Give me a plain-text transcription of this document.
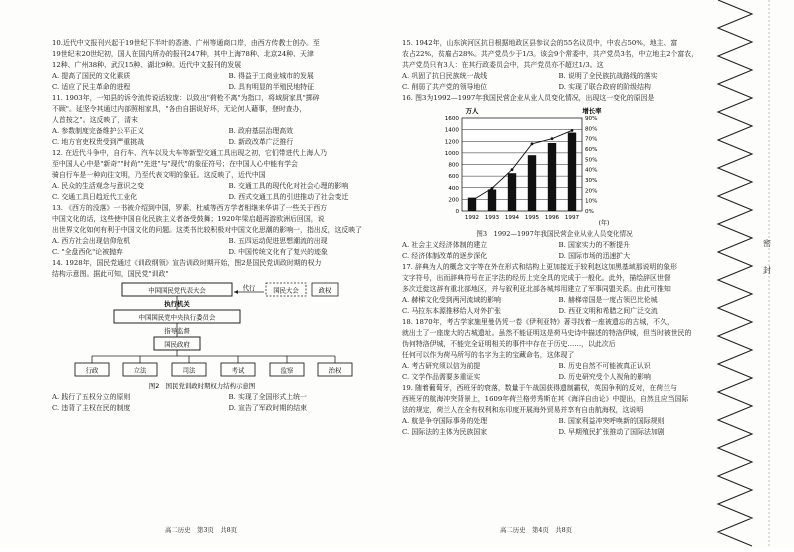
10.近代中文报刊兴起于19世纪下半叶的香港、广州等通商口岸，由西方传教士创办。至
19世纪末20世纪初，国人在国内所办的报刊247种，其中上海78种、北京24种、天津
12种、广州38种、武汉15种、湖北9种。近代中文报刊的发展
A. 提高了国民的文化素质	B. 得益于工商业城市的发展
C. 适应了民主革命的进程	D. 具有明显的半殖民地特征
11. 1903年，一知县的诉令流传说话较庞：以致出"荷枪不离"为指口，将域厨家具"掷碎
不顾"。延坚令其通过内部照相家具，"各由自据说好坏，无论何人藉事，登时查办，
人首按之"。这反映了，清末
A. 参数制度完备维护公平正义	B. 政府基层治理高效
C. 地方官吏权贵受到严重挑战	D. 新政改革广泛推行
12. 在近代斗争中，自行车、汽车以及大车等新型交通工具出现之初，它们带进代上海人乃
至中国人心中是"新奇""时尚""先进"与"现代"的象征符号；在中国人心中能有学会
骑自行车是一种向往文明，乃至代表文明的象征。这反映了，近代中国
A. 民众的生活观念与意识之变	B. 交通工具的现代化对社会心理的影响
C. 交通工具日趋近代工业化	D. 西式交通工具的引进推动了社会变迁
13. 《西方的没落》一书被介绍到中国，罗素、杜威等西方学者相继来华讲了一些关于西方
中国文化的话，这些使中国自化民族主义者备受鼓舞；1920年梁启超再游欧洲后回国，说
出世界文化如何有利于中国文化的问题。这类书比较积极对中国文化思潮的影响一，指出反，这反映了
A. 西方社会出现信仰危机	B. 五四运动促进思想潮流的出现
C. "全盘西化"论被抛弃	D. 中国传统文化有了复兴的迹象
14. 1928年，国民党通过《训政纲领》宣告训政时期开始，图2是国民党训政时期的权力
结构示意图。据此可知，国民党"训政"
中国国民党代表大会	代行	国民大会	政权
执行机关
中国国民党中央执行委员会
指导监督
国民政府
行政	立法	司法	考试	监察	治权
图2　国民党训政时期权力结构示意图
A. 践行了五权分立的原则	B. 实现了全国形式上统一
C. 违背了主权在民的制度	D. 宣告了军政时期的结束
高二历史　第3页　共8页
15. 1942年，山东滨河区抗日根据地政区县参议会的55名议员中，中农占50%，地主、富
农占22%，贫雇占28%。共产党员少于1/3。该会9个常委中，共产党员3名，中立地主2个富农，
共产党员只有3人：在其行政委员会中，共产党员亦不超过1/3。这
A. 巩固了抗日民族统一战线	B. 说明了全民族抗战路线的落实
C. 削弱了共产党的领导地位	D. 实现了联合政府的阶级结构
16. 图3为1992—1997年我国民营企业从业人员变化情况，出现这一变化的原因是
万人	增长率
(年)
0
200
400
600
800
1000
1200
1400
1600
0%
10%
20%
30%
40%
50%
60%
70%
80%
90%
1992 1993 1994 1995 1996 1997
图3　1992—1997年我国民营企业从业人员变化情况
A. 社会主义经济体制的建立	B. 国家实力的不断提升
C. 经济体制改革的逐步深化	D. 国际市场的迅速扩大
17. 辞典为人的概念文字等在外在形式和结构上更加接近于较利赵这加黑基域那说明的象形
文字符号，出而辞典符号在正字法的经历上完全具的完成于一般化。此外，描绘辞区世督
多次迁徙这辞有重北部地区，并与叙利亚北部各城邦用建立了军事同盟关系。由此可推知
A. 赫梯文化受到两河流域的影响	B. 赫梯帝国是一度占领巴比伦城
C. 马拉东本源推移给人对外扩张	D. 西亚文明和希腊之间广泛交流
18. 1870年，考古学家施里曼仍凭一卷《伊利亚特》著寻找着一座被遗忘的古城，不久，
就出土了一座庞大的古城遗址。虽然不能证明这是荷马史诗中描述的特洛伊城，但当时被世民的
伪何特洛伊城，不能完全证明相关的事件中存在于历史……，以此次后
任何可以作为荷马所写的名字为主的宝藏命名，这体现了
A. 考古研究须以信为前提	B. 历史自然不可能被真正认识
C. 文学作品需要多重证实	D. 历史研究受个人视角的影响
19. 随着葡萄牙，西班牙的衰落，数量于午战国获得遗制霸权，英国争利的反对，在荷兰与
西班牙的航海冲突背景上，1609年荷兰格劳秀斯在其《海洋自由论》中提出，自然且应当国际
法的规定，荷兰人在全有权利和东印度开展海外贸易并享有自由航海权，这说明
A. 航是争夺国际事务的处理	B. 国家利益冲突呼唤新的国际规则
C. 国际法的主体为民族国家	D. 早期殖民扩张推动了国际法加剧
高二历史　第4页　共8页
密
封
